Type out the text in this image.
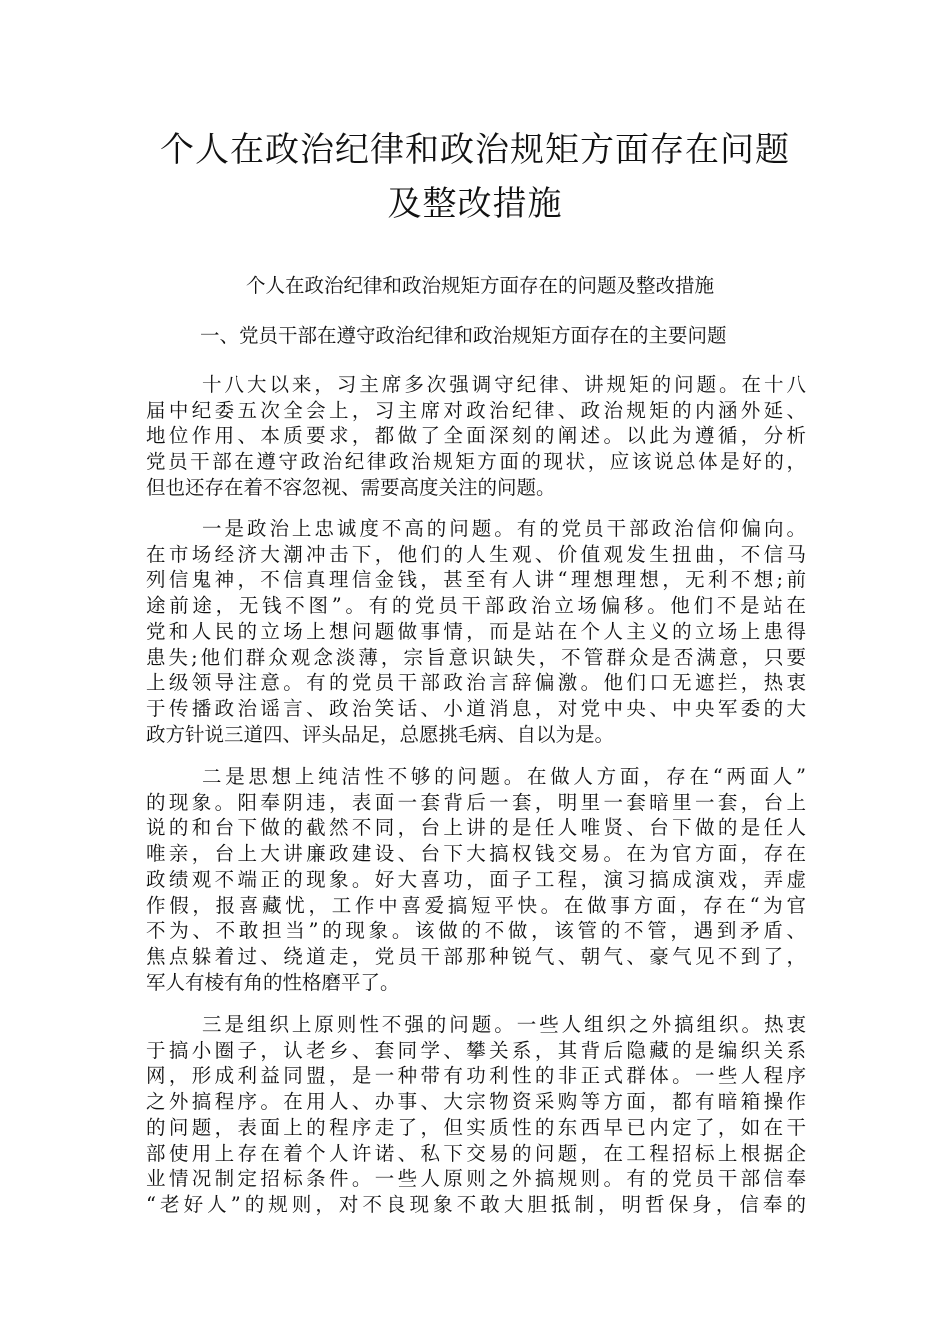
个人在政治纪律和政治规矩方面存在问题
及整改措施

个人在政治纪律和政治规矩方面存在的问题及整改措施

一、党员干部在遵守政治纪律和政治规矩方面存在的主要问题

十八大以来，习主席多次强调守纪律、讲规矩的问题。在十八
届中纪委五次全会上，习主席对政治纪律、政治规矩的内涵外延、
地位作用、本质要求，都做了全面深刻的阐述。以此为遵循，分析
党员干部在遵守政治纪律政治规矩方面的现状，应该说总体是好的，
但也还存在着不容忽视、需要高度关注的问题。

一是政治上忠诚度不高的问题。有的党员干部政治信仰偏向。
在市场经济大潮冲击下，他们的人生观、价值观发生扭曲，不信马
列信鬼神，不信真理信金钱，甚至有人讲“理想理想，无利不想;前
途前途，无钱不图”。有的党员干部政治立场偏移。他们不是站在
党和人民的立场上想问题做事情，而是站在个人主义的立场上患得
患失;他们群众观念淡薄，宗旨意识缺失，不管群众是否满意，只要
上级领导注意。有的党员干部政治言辞偏激。他们口无遮拦，热衷
于传播政治谣言、政治笑话、小道消息，对党中央、中央军委的大
政方针说三道四、评头品足，总愿挑毛病、自以为是。

二是思想上纯洁性不够的问题。在做人方面，存在“两面人”
的现象。阳奉阴违，表面一套背后一套，明里一套暗里一套，台上
说的和台下做的截然不同，台上讲的是任人唯贤、台下做的是任人
唯亲，台上大讲廉政建设、台下大搞权钱交易。在为官方面，存在
政绩观不端正的现象。好大喜功，面子工程，演习搞成演戏，弄虚
作假，报喜藏忧，工作中喜爱搞短平快。在做事方面，存在“为官
不为、不敢担当”的现象。该做的不做，该管的不管，遇到矛盾、
焦点躲着过、绕道走，党员干部那种锐气、朝气、豪气见不到了，
军人有棱有角的性格磨平了。

三是组织上原则性不强的问题。一些人组织之外搞组织。热衷
于搞小圈子，认老乡、套同学、攀关系，其背后隐藏的是编织关系
网，形成利益同盟，是一种带有功利性的非正式群体。一些人程序
之外搞程序。在用人、办事、大宗物资采购等方面，都有暗箱操作
的问题，表面上的程序走了，但实质性的东西早已内定了，如在干
部使用上存在着个人许诺、私下交易的问题，在工程招标上根据企
业情况制定招标条件。一些人原则之外搞规则。有的党员干部信奉
“老好人”的规则，对不良现象不敢大胆抵制，明哲保身，信奉的
